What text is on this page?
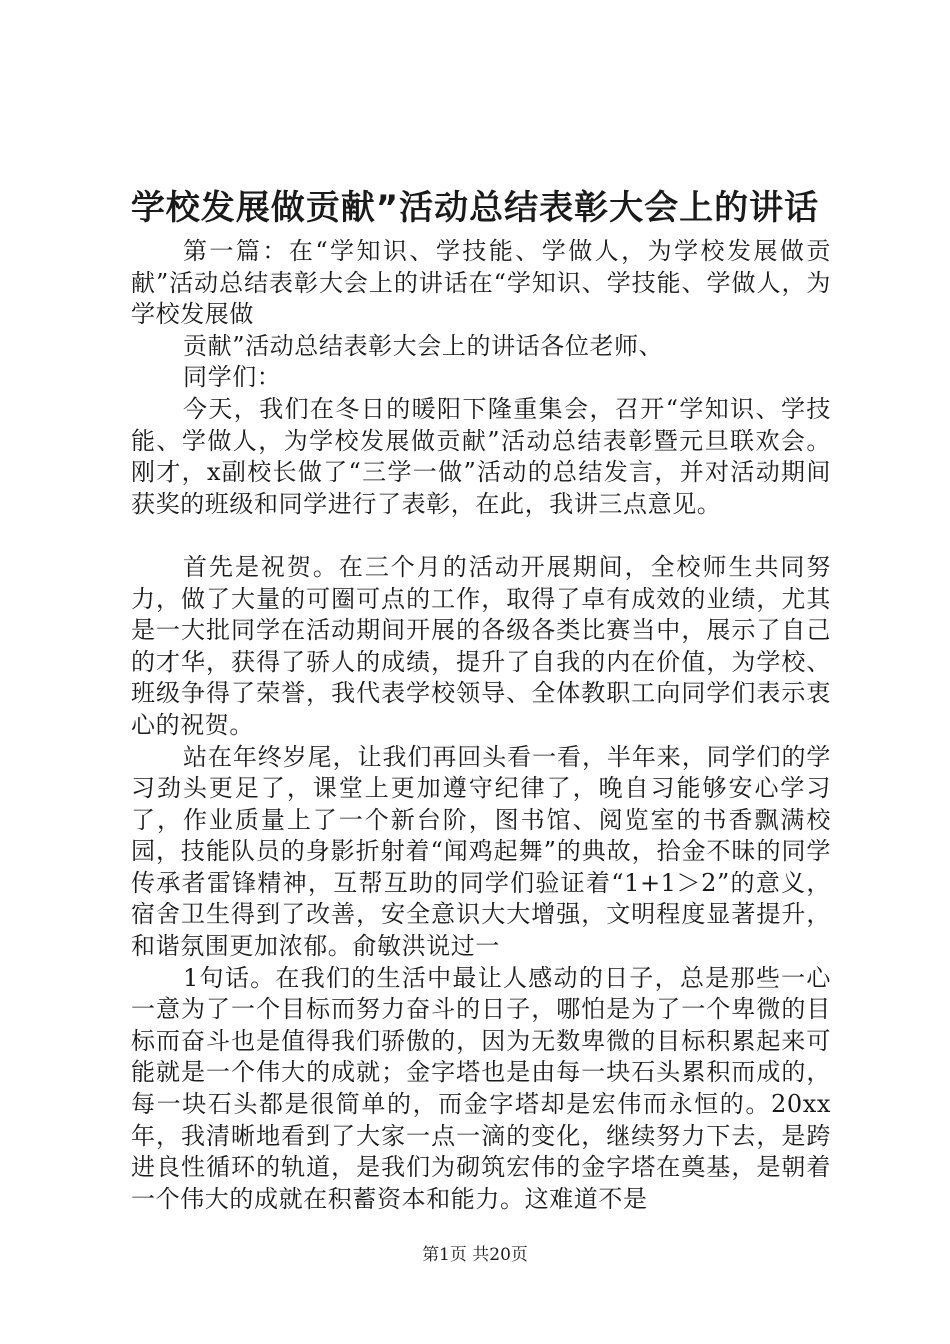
学校发展做贡献”活动总结表彰大会上的讲话

第一篇：在“学知识、学技能、学做人，为学校发展做贡献”活动总结表彰大会上的讲话在“学知识、学技能、学做人，为学校发展做

贡献”活动总结表彰大会上的讲话各位老师、

同学们：

今天，我们在冬日的暖阳下隆重集会，召开“学知识、学技能、学做人，为学校发展做贡献”活动总结表彰暨元旦联欢会。刚才，x副校长做了“三学一做”活动的总结发言，并对活动期间获奖的班级和同学进行了表彰，在此，我讲三点意见。

首先是祝贺。在三个月的活动开展期间，全校师生共同努力，做了大量的可圈可点的工作，取得了卓有成效的业绩，尤其是一大批同学在活动期间开展的各级各类比赛当中，展示了自己的才华，获得了骄人的成绩，提升了自我的内在价值，为学校、班级争得了荣誉，我代表学校领导、全体教职工向同学们表示衷心的祝贺。

站在年终岁尾，让我们再回头看一看，半年来，同学们的学习劲头更足了，课堂上更加遵守纪律了，晚自习能够安心学习了，作业质量上了一个新台阶，图书馆、阅览室的书香飘满校园，技能队员的身影折射着“闻鸡起舞”的典故，拾金不昧的同学传承者雷锋精神，互帮互助的同学们验证着“1+1＞2”的意义，宿舍卫生得到了改善，安全意识大大增强，文明程度显著提升，和谐氛围更加浓郁。俞敏洪说过一

1句话。在我们的生活中最让人感动的日子，总是那些一心一意为了一个目标而努力奋斗的日子，哪怕是为了一个卑微的目标而奋斗也是值得我们骄傲的，因为无数卑微的目标积累起来可能就是一个伟大的成就；金字塔也是由每一块石头累积而成的，每一块石头都是很简单的，而金字塔却是宏伟而永恒的。20xx年，我清晰地看到了大家一点一滴的变化，继续努力下去，是跨进良性循环的轨道，是我们为砌筑宏伟的金字塔在奠基，是朝着一个伟大的成就在积蓄资本和能力。这难道不是

第1页 共20页
